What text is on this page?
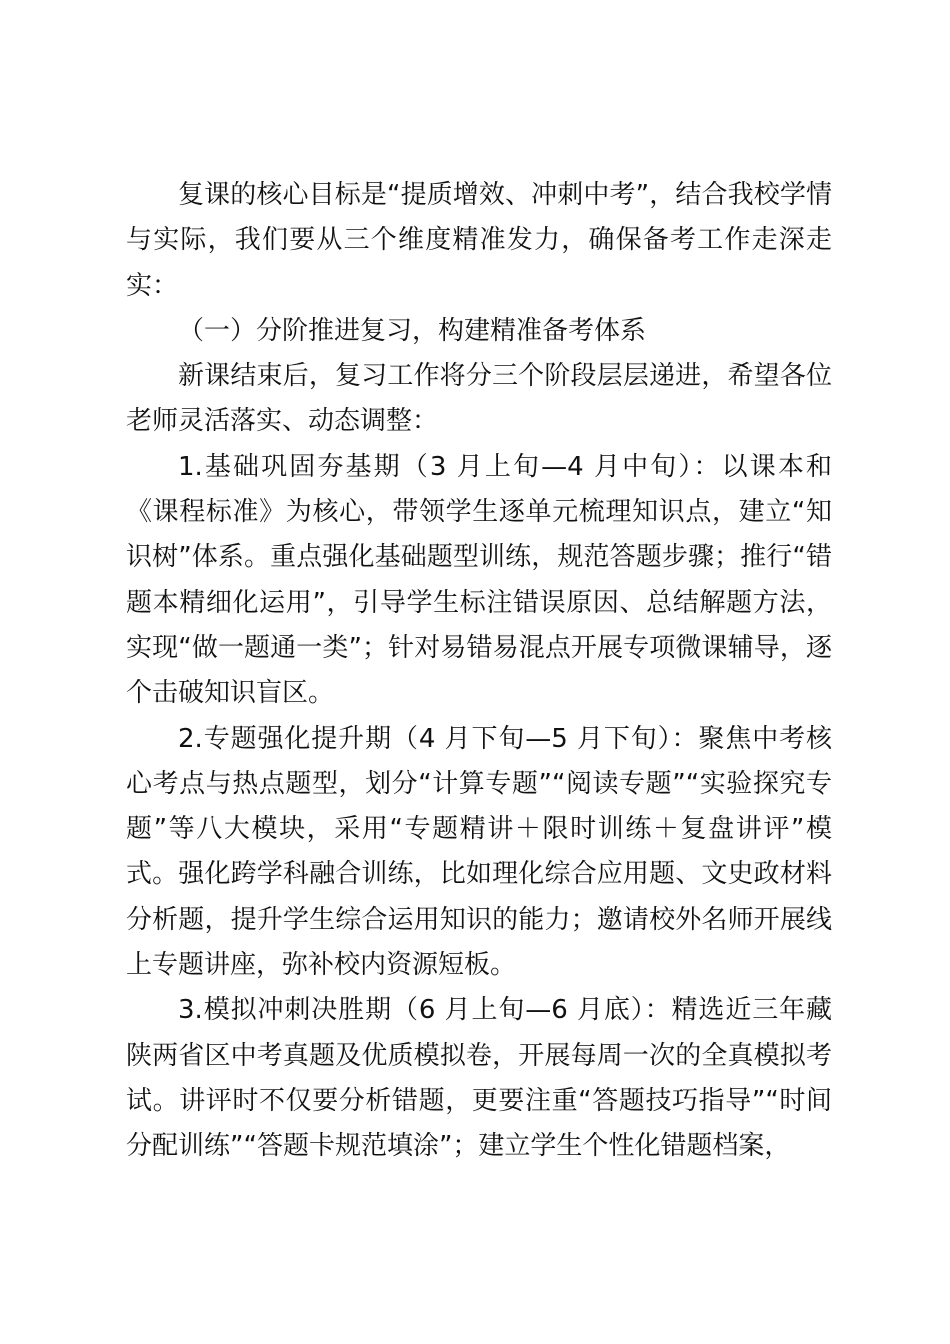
复课的核心目标是“提质增效、冲刺中考”，结合我校学情与实际，我们要从三个维度精准发力，确保备考工作走深走实：

（一）分阶推进复习，构建精准备考体系

新课结束后，复习工作将分三个阶段层层递进，希望各位老师灵活落实、动态调整：

1.基础巩固夯基期（3 月上旬—4 月中旬）：以课本和《课程标准》为核心，带领学生逐单元梳理知识点，建立“知识树”体系。重点强化基础题型训练，规范答题步骤；推行“错题本精细化运用”，引导学生标注错误原因、总结解题方法，实现“做一题通一类”；针对易错易混点开展专项微课辅导，逐个击破知识盲区。

2.专题强化提升期（4 月下旬—5 月下旬）：聚焦中考核心考点与热点题型，划分“计算专题”“阅读专题”“实验探究专题”等八大模块，采用“专题精讲＋限时训练＋复盘讲评”模式。强化跨学科融合训练，比如理化综合应用题、文史政材料分析题，提升学生综合运用知识的能力；邀请校外名师开展线上专题讲座，弥补校内资源短板。

3.模拟冲刺决胜期（6 月上旬—6 月底）：精选近三年藏陕两省区中考真题及优质模拟卷，开展每周一次的全真模拟考试。讲评时不仅要分析错题，更要注重“答题技巧指导”“时间分配训练”“答题卡规范填涂”；建立学生个性化错题档案，
